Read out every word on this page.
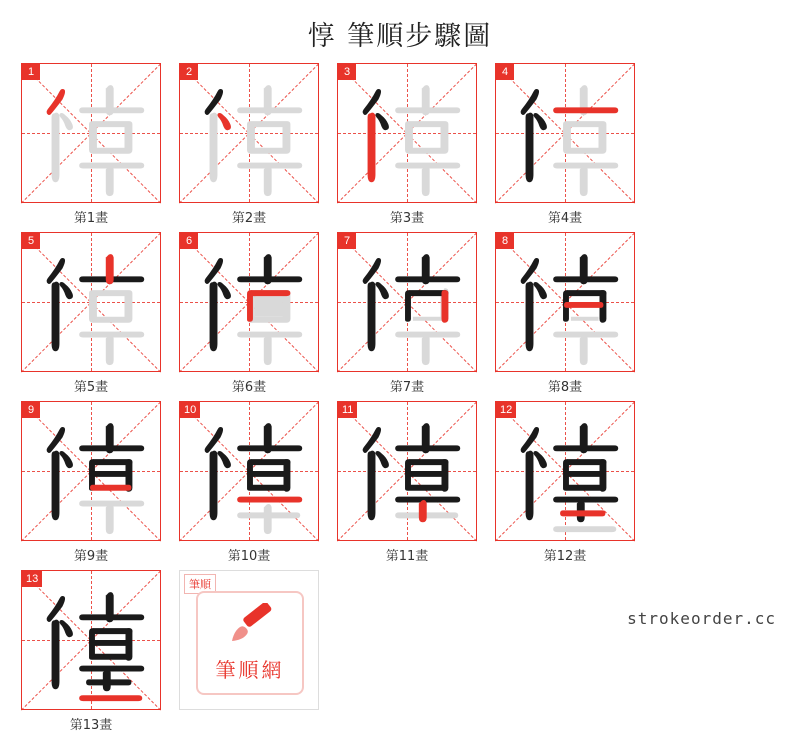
惇 筆順步驟圖
1
第1畫
2
第2畫
3
第3畫
4
第4畫
5
第5畫
6
第6畫
7
第7畫
8
第8畫
9
第9畫
10
第10畫
11
第11畫
12
第12畫
13
第13畫
筆順
筆順網
strokeorder.cc
